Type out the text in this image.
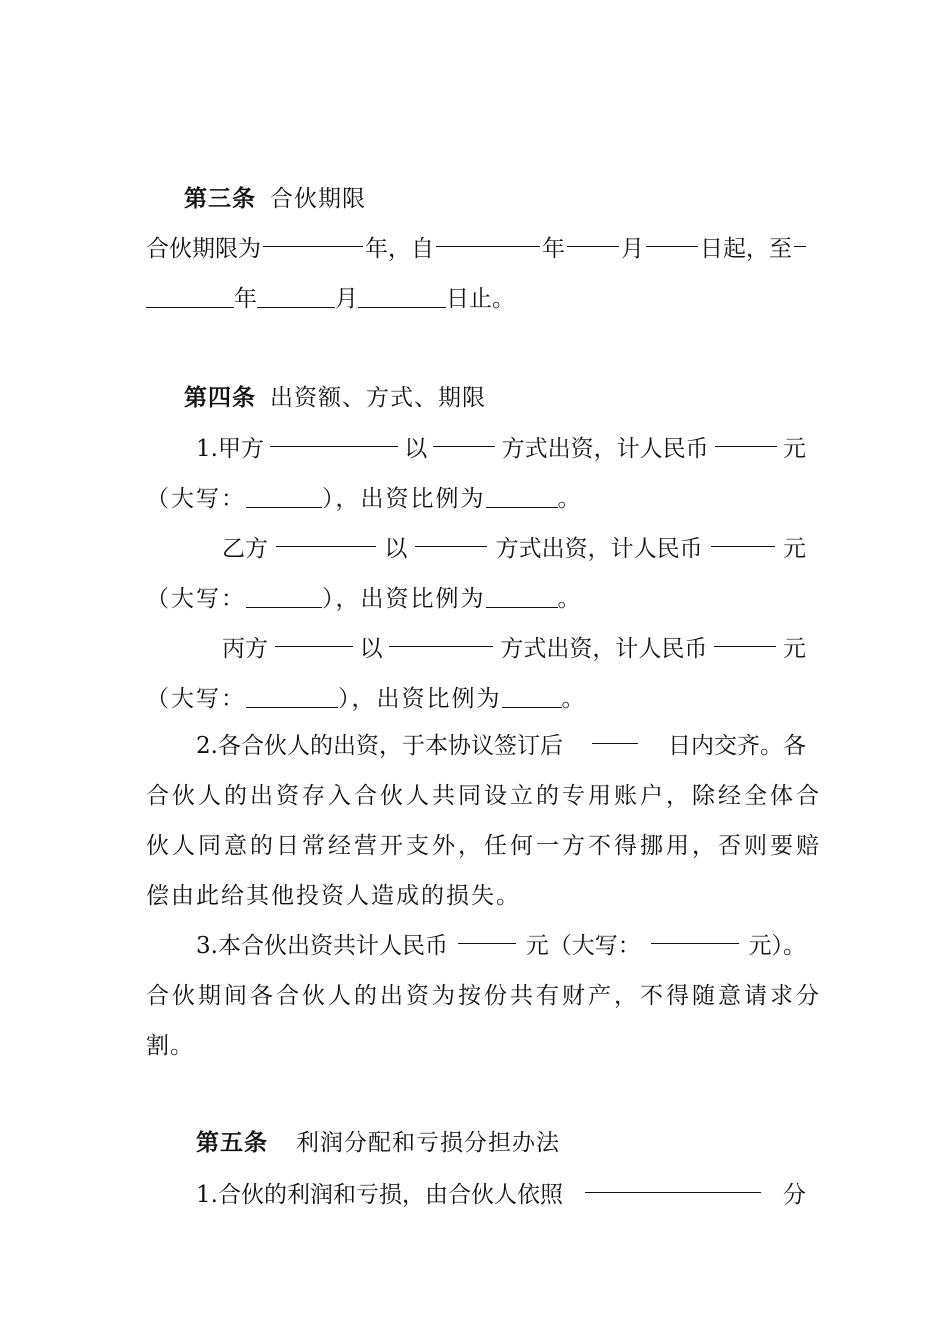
第三条 合伙期限
合伙期限为	年，自	年 月 日起，至
年	月	日止。
第四条 出资额、方式、期限
1.甲方	以	方式出资，计人民币	元
（大写：	），出资比例为	。
乙方	以	方式出资，计人民币	元
（大写：	），出资比例为	。
丙方	以	方式出资，计人民币	元
（大写：	），出资比例为	。
2.各合伙人的出资，于本协议签订后	日内交齐。各
合伙人的出资存入合伙人共同设立的专用账户，除经全体合
伙人同意的日常经营开支外，任何一方不得挪用，否则要赔
偿由此给其他投资人造成的损失。
3.本合伙出资共计人民币	元（大写：	元）。
合伙期间各合伙人的出资为按份共有财产，不得随意请求分
割。
第五条 利润分配和亏损分担办法
1.合伙的利润和亏损，由合伙人依照	分
